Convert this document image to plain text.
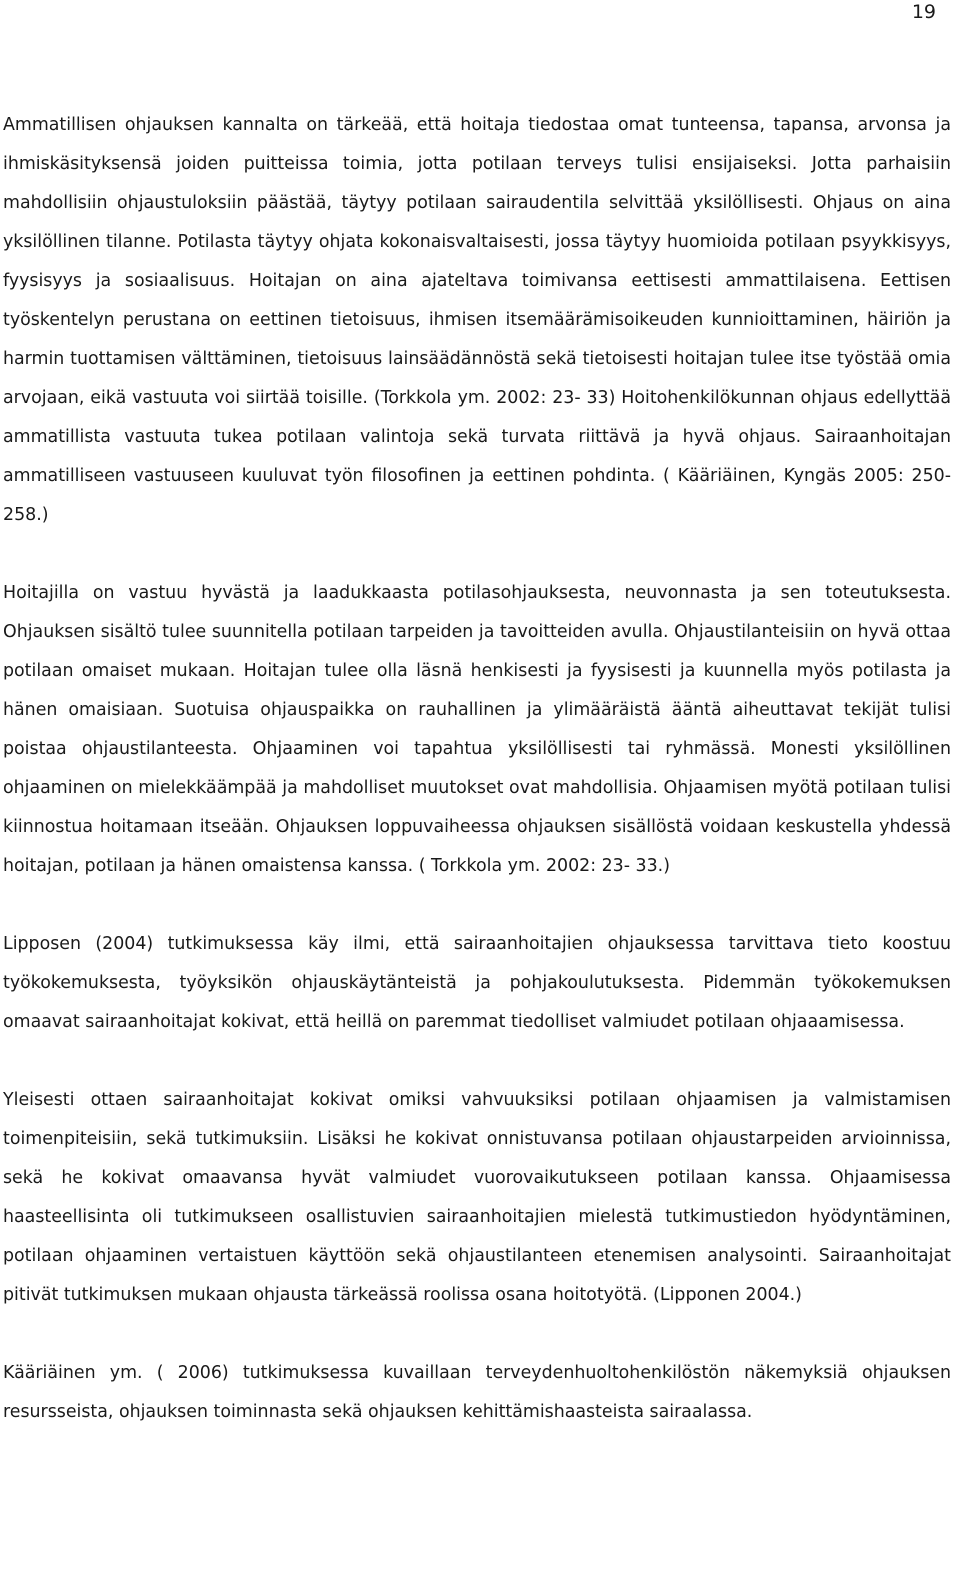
19

Ammatillisen ohjauksen kannalta on tärkeää, että hoitaja tiedostaa omat tunteensa, tapansa, arvonsa ja ihmiskäsityksensä joiden puitteissa toimia, jotta potilaan terveys tulisi ensijaiseksi. Jotta parhaisiin mahdollisiin ohjaustuloksiin päästää, täytyy potilaan sairaudentila selvittää yksilöllisesti. Ohjaus on aina yksilöllinen tilanne. Potilasta täytyy ohjata kokonaisvaltaisesti, jossa täytyy huomioida potilaan psyykkisyys, fyysisyys ja sosiaalisuus. Hoitajan on aina ajateltava toimivansa eettisesti ammattilaisena. Eettisen työskentelyn perustana on eettinen tietoisuus, ihmisen itsemäärämisoikeuden kunnioittaminen, häiriön ja harmin tuottamisen välttäminen, tietoisuus lainsäädännöstä sekä tietoisesti hoitajan tulee itse työstää omia arvojaan, eikä vastuuta voi siirtää toisille. (Torkkola ym. 2002: 23- 33) Hoitohenkilökunnan ohjaus edellyttää ammatillista vastuuta tukea potilaan valintoja sekä turvata riittävä ja hyvä ohjaus. Sairaanhoitajan ammatilliseen vastuuseen kuuluvat työn filosofinen ja eettinen pohdinta. ( Kääriäinen, Kyngäs 2005: 250- 258.)

Hoitajilla on vastuu hyvästä ja laadukkaasta potilasohjauksesta, neuvonnasta ja sen toteutuksesta. Ohjauksen sisältö tulee suunnitella potilaan tarpeiden ja tavoitteiden avulla. Ohjaustilanteisiin on hyvä ottaa potilaan omaiset mukaan. Hoitajan tulee olla läsnä henkisesti ja fyysisesti ja kuunnella myös potilasta ja hänen omaisiaan. Suotuisa ohjauspaikka on rauhallinen ja ylimääräistä ääntä aiheuttavat tekijät tulisi poistaa ohjaustilanteesta. Ohjaaminen voi tapahtua yksilöllisesti tai ryhmässä. Monesti yksilöllinen ohjaaminen on mielekkäämpää ja mahdolliset muutokset ovat mahdollisia. Ohjaamisen myötä potilaan tulisi kiinnostua hoitamaan itseään. Ohjauksen loppuvaiheessa ohjauksen sisällöstä voidaan keskustella yhdessä hoitajan, potilaan ja hänen omaistensa kanssa. ( Torkkola ym. 2002: 23- 33.)

Lipposen (2004) tutkimuksessa käy ilmi, että sairaanhoitajien ohjauksessa tarvittava tieto koostuu työkokemuksesta, työyksikön ohjauskäytänteistä ja pohjakoulutuksesta. Pidemmän työkokemuksen omaavat sairaanhoitajat kokivat, että heillä on paremmat tiedolliset valmiudet potilaan ohjaaamisessa.

Yleisesti ottaen sairaanhoitajat kokivat omiksi vahvuuksiksi potilaan ohjaamisen ja valmistamisen toimenpiteisiin, sekä tutkimuksiin. Lisäksi he kokivat onnistuvansa potilaan ohjaustarpeiden arvioinnissa, sekä he kokivat omaavansa hyvät valmiudet vuorovaikutukseen potilaan kanssa. Ohjaamisessa haasteellisinta oli tutkimukseen osallistuvien sairaanhoitajien mielestä tutkimustiedon hyödyntäminen, potilaan ohjaaminen vertaistuen käyttöön sekä ohjaustilanteen etenemisen analysointi. Sairaanhoitajat pitivät tutkimuksen mukaan ohjausta tärkeässä roolissa osana hoitotyötä. (Lipponen 2004.)

Kääriäinen ym. ( 2006) tutkimuksessa kuvaillaan terveydenhuoltohenkilöstön näkemyksiä ohjauksen resursseista, ohjauksen toiminnasta sekä ohjauksen kehittämishaasteista sairaalassa.
